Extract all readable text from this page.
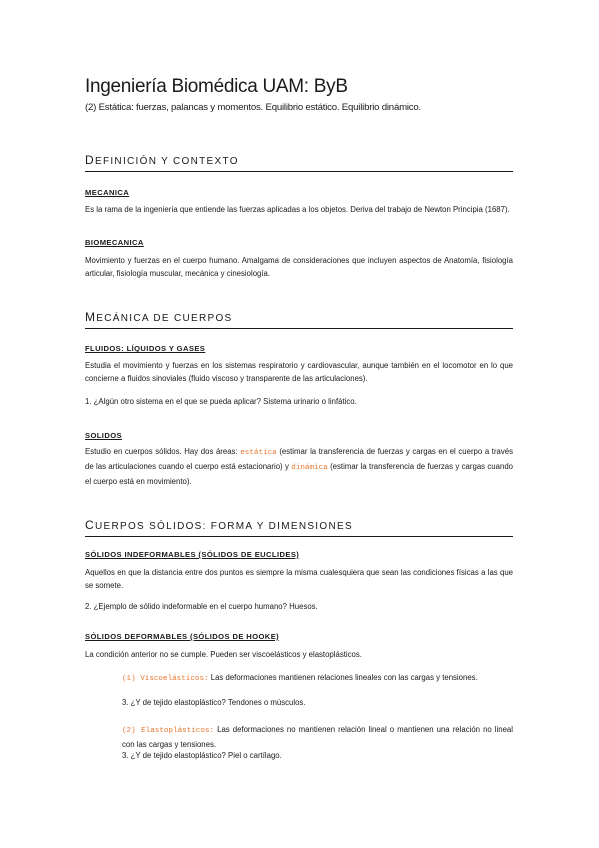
Ingeniería Biomédica UAM: ByB
(2) Estática: fuerzas, palancas y momentos. Equilibrio estático. Equilibrio dinámico.
DEFINICIÓN Y CONTEXTO
MECANICA
Es la rama de la ingeniería que entiende las fuerzas aplicadas a los objetos. Deriva del trabajo de Newton Principia (1687).
BIOMECANICA
Movimiento y fuerzas en el cuerpo humano. Amalgama de consideraciones que incluyen aspectos de Anatomía, fisiología articular, fisiología muscular, mecánica y cinesiología.
MECÁNICA DE CUERPOS
FLUIDOS: LÍQUIDOS Y GASES
Estudia el movimiento y fuerzas en los sistemas respiratorio y cardiovascular, aunque también en el locomotor en lo que concierne a fluidos sinoviales (fluido viscoso y transparente de las articulaciones).
1. ¿Algún otro sistema en el que se pueda aplicar? Sistema urinario o linfático.
SOLIDOS
Estudio en cuerpos sólidos. Hay dos áreas: estática (estimar la transferencia de fuerzas y cargas en el cuerpo a través de las articulaciones cuando el cuerpo está estacionario) y dinámica (estimar la transferencia de fuerzas y cargas cuando el cuerpo está en movimiento).
CUERPOS SÓLIDOS: FORMA Y DIMENSIONES
SÓLIDOS INDEFORMABLES (SÓLIDOS DE EUCLIDES)
Aquellos en que la distancia entre dos puntos es siempre la misma cualesquiera que sean las condiciones físicas a las que se somete.
2. ¿Ejemplo de sólido indeformable en el cuerpo humano? Huesos.
SÓLIDOS DEFORMABLES (SÓLIDOS DE HOOKE)
La condición anterior no se cumple. Pueden ser viscoelásticos y elastoplásticos.
(1) Viscoelásticos: Las deformaciones mantienen relaciones lineales con las cargas y tensiones.
3. ¿Y de tejido elastoplástico? Tendones o músculos.
(2) Elastoplásticos: Las deformaciones no mantienen relación lineal o mantienen una relación no lineal con las cargas y tensiones.
3. ¿Y de tejido elastoplástico? Piel o cartílago.
